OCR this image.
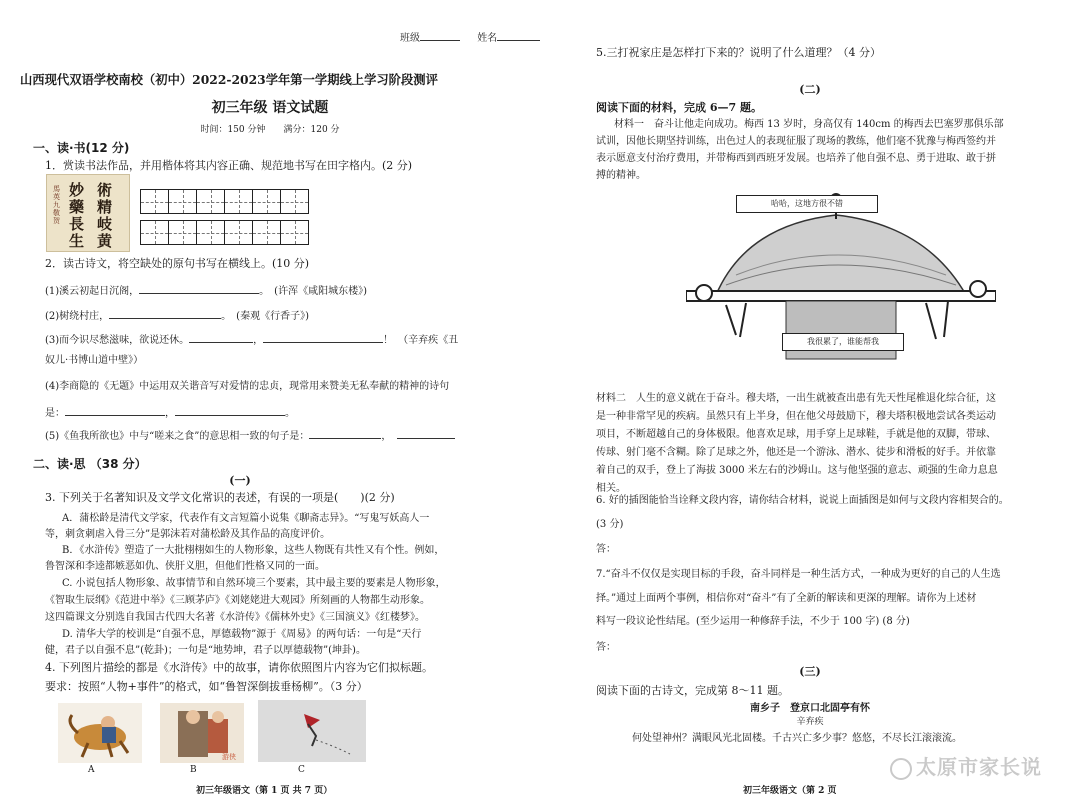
班级	姓名
山西现代双语学校南校（初中）2022-2023学年第一学期线上学习阶段测评
初三年级 语文试题
时间：150 分钟　　满分：120 分
一、读·书(12 分)
1．赏读书法作品，并用楷体将其内容正确、规范地书写在田字格内。(2 分)
馬英九敬贺
妙 術
藥 精
長 岐
生 黄
2．读古诗文，将空缺处的原句书写在横线上。(10 分)
(1)溪云初起日沉阁，	。　(许浑《咸阳城东楼》)
(2)树绕村庄，	。　(秦观《行香子》)
(3)而今识尽愁滋味，欲说还休。	，	！　（辛弃疾《丑
奴儿·书博山道中壁》）
(4)李商隐的《无题》中运用双关谐音写对爱情的忠贞，现常用来赞美无私奉献的精神的诗句
是：	，	。
(5)《鱼我所欲也》中与“嗟来之食”的意思相一致的句子是：	，
二、读·思 （38 分）
(一)
3. 下列关于名著知识及文学文化常识的表述，有误的一项是(　　)(2 分)
A．蒲松龄是清代文学家，代表作有文言短篇小说集《聊斋志异》。“写鬼写妖高人一
等，刺贪刺虐入骨三分”是郭沫若对蒲松龄及其作品的高度评价。
B．《水浒传》塑造了一大批栩栩如生的人物形象，这些人物既有共性又有个性。例如，
鲁智深和李逵都嫉恶如仇、侠肝义胆，但他们性格又同的一面。
C. 小说包括人物形象、故事情节和自然环境三个要素，其中最主要的要素是人物形象，
《智取生辰纲》《范进中举》《三顾茅庐》《刘姥姥进大观园》所刻画的人物都生动形象。
这四篇课文分别选自我国古代四大名著《水浒传》《儒林外史》《三国演义》《红楼梦》。
D. 清华大学的校训是“自强不息，厚德载物”源于《周易》的两句话：一句是“天行
健，君子以自强不息”(乾卦)；一句是“地势坤，君子以厚德载物”(坤卦)。
4. 下列图片描绘的都是《水浒传》中的故事，请你依照图片内容为它们拟标题。
要求：按照“人物+事件”的格式，如“鲁智深倒拔垂杨柳”。（3 分）
游侠
A	B	C
初三年级语文（第 1 页 共 7 页）
5.三打祝家庄是怎样打下来的？说明了什么道理？（4 分）
(二)
阅读下面的材料，完成 6—7 题。
材料一　奋斗让他走向成功。梅西 13 岁时，身高仅有 140cm 的梅西去巴塞罗那俱乐部
试训，因他长期坚持训练，出色过人的表现征服了现场的教练，他们毫不犹豫与梅西签约并
表示愿意支付治疗费用，并带梅西到西班牙发展。也培养了他自强不息、勇于进取、敢于拼
搏的精神。
哈哈，这地方很不错
我很累了，谁能帮我
材料二　人生的意义就在于奋斗。穆夫塔，一出生就被查出患有先天性尾椎退化综合征，这
是一种非常罕见的疾病。虽然只有上半身，但在他父母鼓励下，穆夫塔积极地尝试各类运动
项目，不断超越自己的身体极限。他喜欢足球，用手穿上足球鞋，手就是他的双脚，带球、
传球、射门毫不含糊。除了足球之外，他还是一个游泳、潜水、徒步和滑板的好手。并依靠
着自己的双手，登上了海拔 3000 米左右的沙姆山。这与他坚强的意志、顽强的生命力息息
相关。
6. 好的插图能恰当诠释文段内容，请你结合材料，说说上面插图是如何与文段内容相契合的。
(3 分)
答：
7.“奋斗不仅仅是实现目标的手段，奋斗同样是一种生活方式，一种成为更好的自己的人生选
择。”通过上面两个事例，相信你对“奋斗”有了全新的解读和更深的理解。请你为上述材
料写一段议论性结尾。(至少运用一种修辞手法，不少于 100 字) (8 分)
答：
(三)
阅读下面的古诗文，完成第 8～11 题。
南乡子　登京口北固亭有怀
辛弃疾
何处望神州？满眼风光北固楼。千古兴亡多少事？悠悠，不尽长江滚滚流。
初三年级语文（第 2 页
太原市家长说
